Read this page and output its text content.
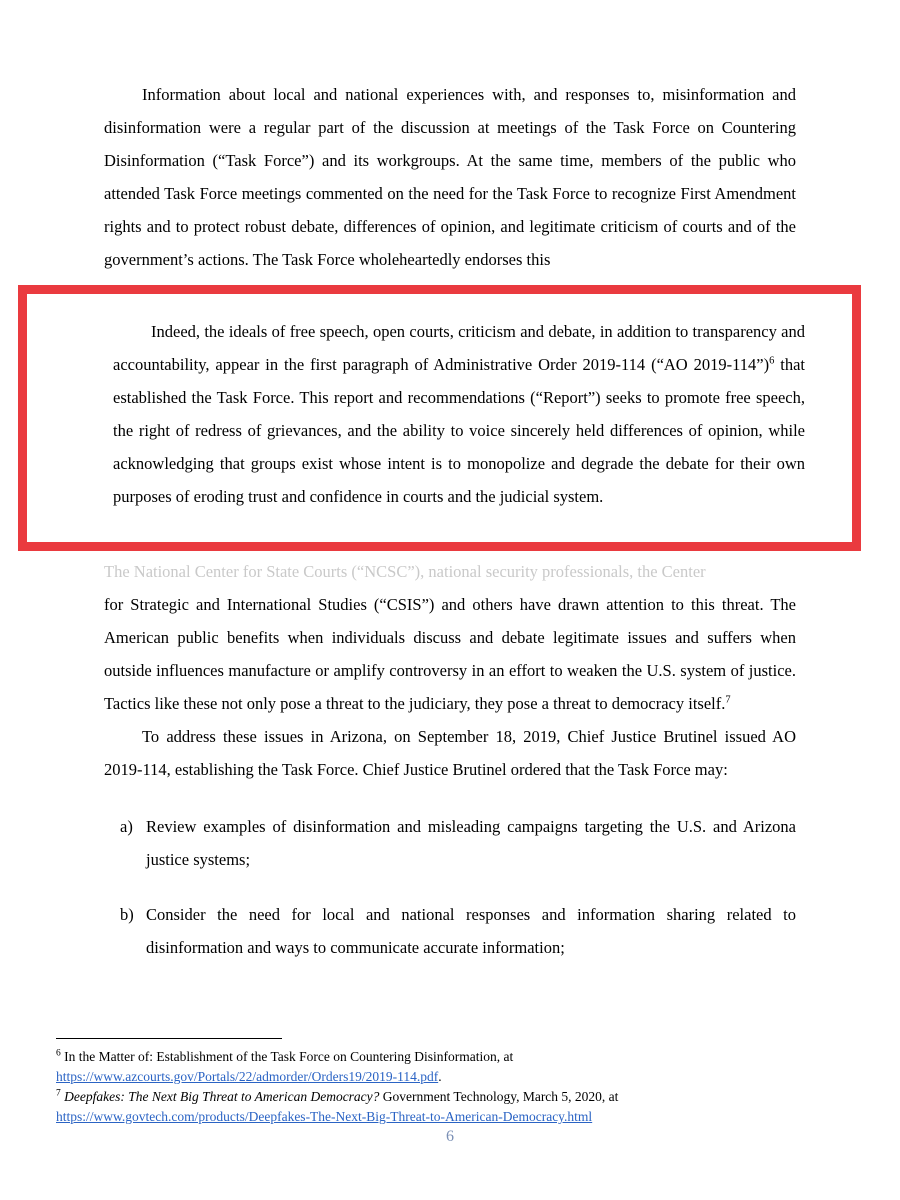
Information about local and national experiences with, and responses to, misinformation and disinformation were a regular part of the discussion at meetings of the Task Force on Countering Disinformation (“Task Force”) and its workgroups. At the same time, members of the public who attended Task Force meetings commented on the need for the Task Force to recognize First Amendment rights and to protect robust debate, differences of opinion, and legitimate criticism of courts and of the government’s actions. The Task Force wholeheartedly endorses this

The National Center for State Courts (“NCSC”), national security professionals, the Center

for Strategic and International Studies (“CSIS”) and others have drawn attention to this threat. The American public benefits when individuals discuss and debate legitimate issues and suffers when outside influences manufacture or amplify controversy in an effort to weaken the U.S. system of justice. Tactics like these not only pose a threat to the judiciary, they pose a threat to democracy itself.$^7$

To address these issues in Arizona, on September 18, 2019, Chief Justice Brutinel issued AO 2019-114, establishing the Task Force. Chief Justice Brutinel ordered that the Task Force may:

a) Review examples of disinformation and misleading campaigns targeting the U.S. and Arizona justice systems;
b) Consider the need for local and national responses and information sharing related to disinformation and ways to communicate accurate information;

Indeed, the ideals of free speech, open courts, criticism and debate, in addition to transparency and accountability, appear in the first paragraph of Administrative Order 2019-114 (“AO 2019-114”)$^6$ that established the Task Force. This report and recommendations (“Report”) seeks to promote free speech, the right of redress of grievances, and the ability to voice sincerely held differences of opinion, while acknowledging that groups exist whose intent is to monopolize and degrade the debate for their own purposes of eroding trust and confidence in courts and the judicial system.

$^6$ In the Matter of: Establishment of the Task Force on Countering Disinformation, at
https://www.azcourts.gov/Portals/22/admorder/Orders19/2019-114.pdf.

$^7$ Deepfakes: The Next Big Threat to American Democracy? Government Technology, March 5, 2020, at
https://www.govtech.com/products/Deepfakes-The-Next-Big-Threat-to-American-Democracy.html

6
